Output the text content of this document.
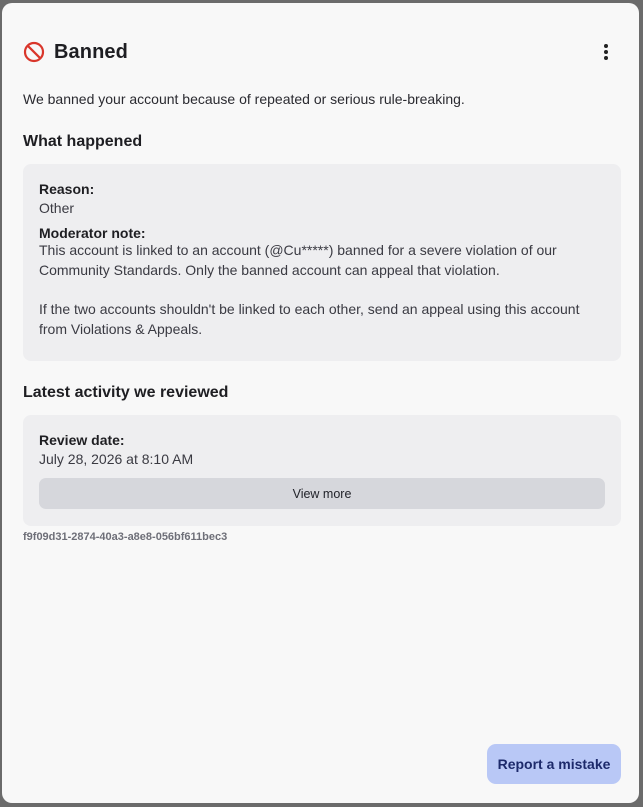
Banned
We banned your account because of repeated or serious rule-breaking.
What happened
Reason:
Other
Moderator note:
This account is linked to an account (@Cu*****) banned for a severe violation of our Community Standards. Only the banned account can appeal that violation.
If the two accounts shouldn't be linked to each other, send an appeal using this account from Violations & Appeals.
Latest activity we reviewed
Review date:
July 28, 2026 at 8:10 AM
View more
f9f09d31-2874-40a3-a8e8-056bf611bec3
Report a mistake
